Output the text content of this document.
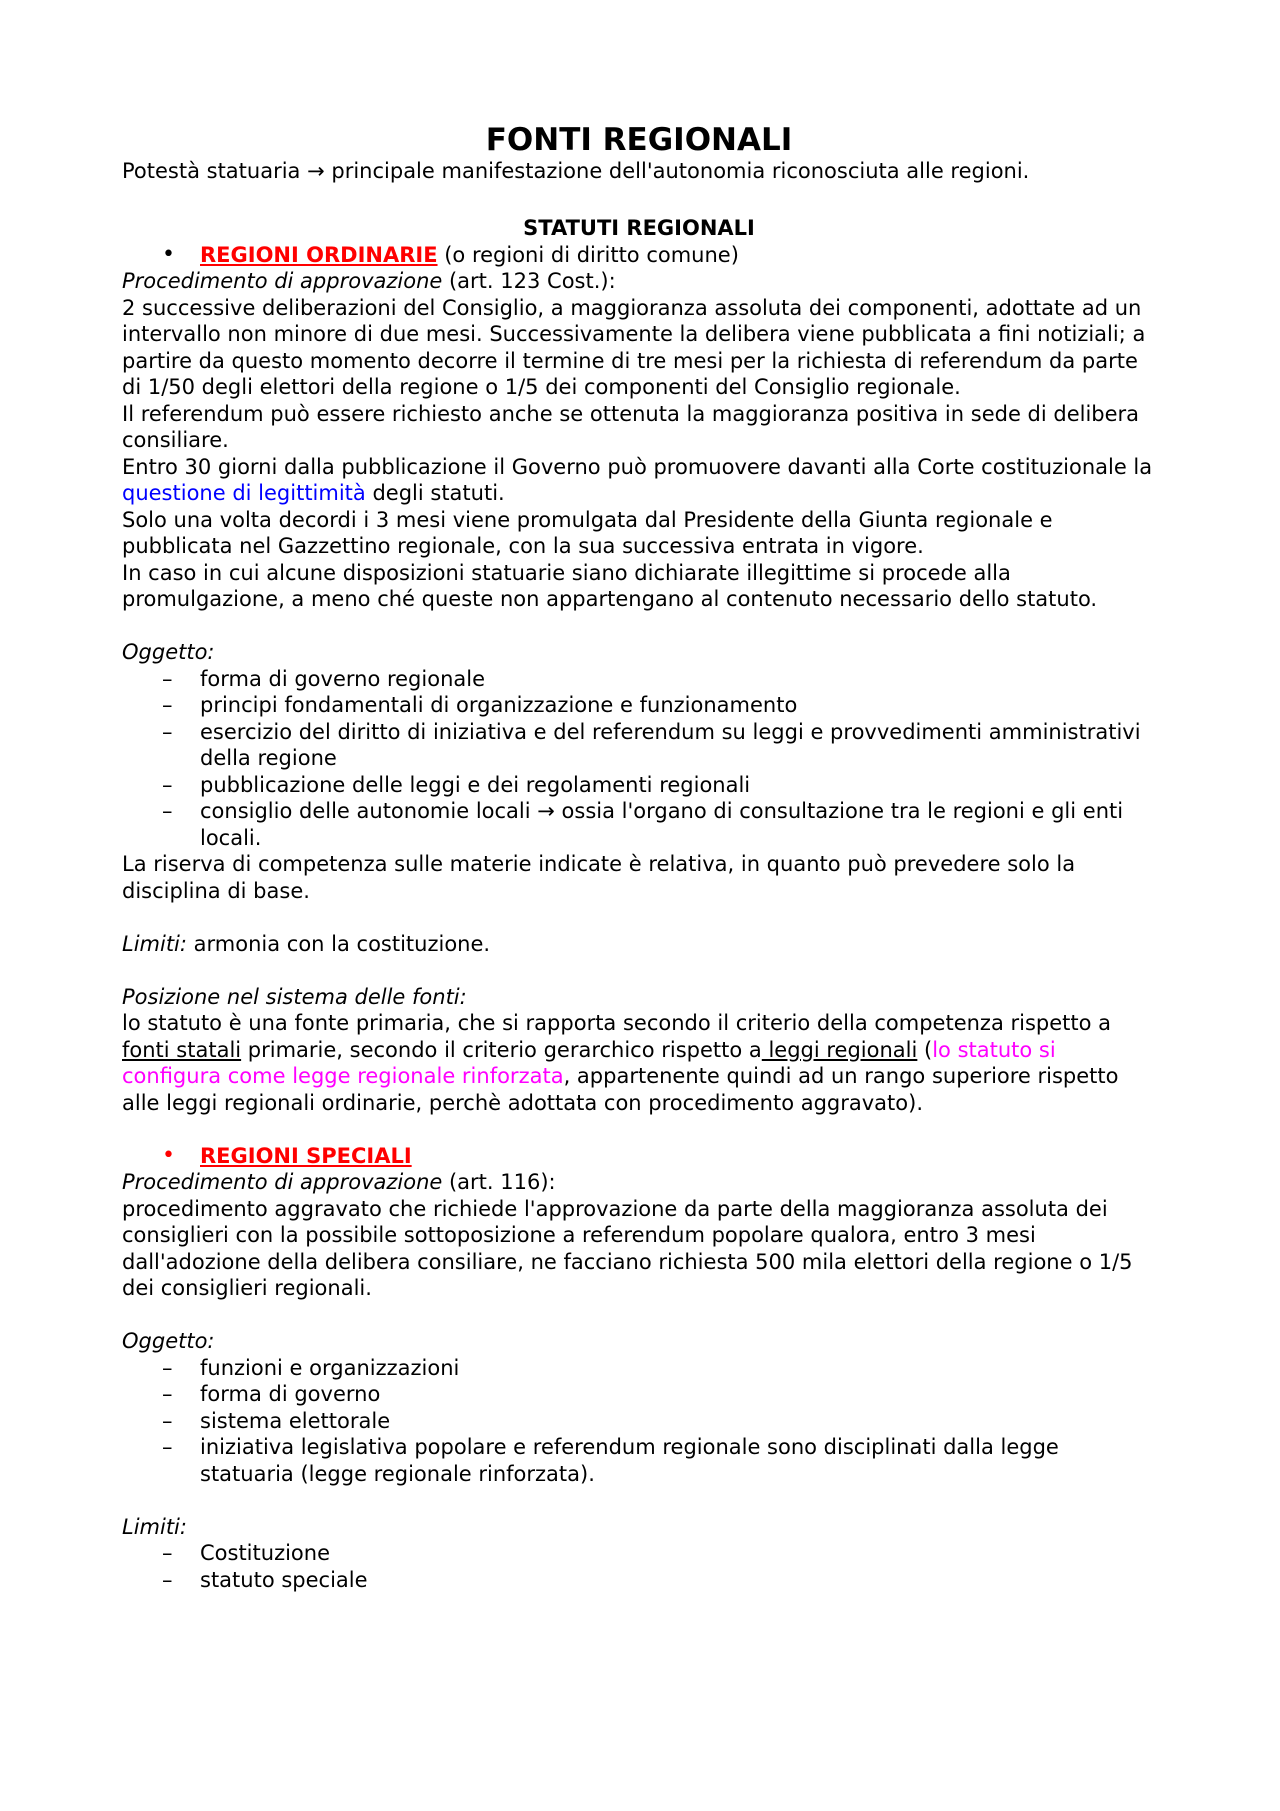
FONTI REGIONALI

Potestà statuaria → principale manifestazione dell'autonomia riconosciuta alle regioni.

STATUTI REGIONALI

• REGIONI ORDINARIE (o regioni di diritto comune)

Procedimento di approvazione (art. 123 Cost.):

2 successive deliberazioni del Consiglio, a maggioranza assoluta dei componenti, adottate ad un intervallo non minore di due mesi. Successivamente la delibera viene pubblicata a fini notiziali; a partire da questo momento decorre il termine di tre mesi per la richiesta di referendum da parte di 1/50 degli elettori della regione o 1/5 dei componenti del Consiglio regionale.

Il referendum può essere richiesto anche se ottenuta la maggioranza positiva in sede di delibera consiliare.

Entro 30 giorni dalla pubblicazione il Governo può promuovere davanti alla Corte costituzionale la questione di legittimità degli statuti.

Solo una volta decordi i 3 mesi viene promulgata dal Presidente della Giunta regionale e pubblicata nel Gazzettino regionale, con la sua successiva entrata in vigore.

In caso in cui alcune disposizioni statuarie siano dichiarate illegittime si procede alla promulgazione, a meno ché queste non appartengano al contenuto necessario dello statuto.

Oggetto:

– forma di governo regionale
– principi fondamentali di organizzazione e funzionamento
– esercizio del diritto di iniziativa e del referendum su leggi e provvedimenti amministrativi della regione
– pubblicazione delle leggi e dei regolamenti regionali
– consiglio delle autonomie locali → ossia l'organo di consultazione tra le regioni e gli enti locali.

La riserva di competenza sulle materie indicate è relativa, in quanto può prevedere solo la disciplina di base.

Limiti: armonia con la costituzione.

Posizione nel sistema delle fonti:

lo statuto è una fonte primaria, che si rapporta secondo il criterio della competenza rispetto a fonti statali primarie, secondo il criterio gerarchico rispetto a leggi regionali (lo statuto si configura come legge regionale rinforzata, appartenente quindi ad un rango superiore rispetto alle leggi regionali ordinarie, perchè adottata con procedimento aggravato).

• REGIONI SPECIALI

Procedimento di approvazione (art. 116):

procedimento aggravato che richiede l'approvazione da parte della maggioranza assoluta dei consiglieri con la possibile sottoposizione a referendum popolare qualora, entro 3 mesi dall'adozione della delibera consiliare, ne facciano richiesta 500 mila elettori della regione o 1/5 dei consiglieri regionali.

Oggetto:

– funzioni e organizzazioni
– forma di governo
– sistema elettorale
– iniziativa legislativa popolare e referendum regionale sono disciplinati dalla legge statuaria (legge regionale rinforzata).

Limiti:

– Costituzione
– statuto speciale
